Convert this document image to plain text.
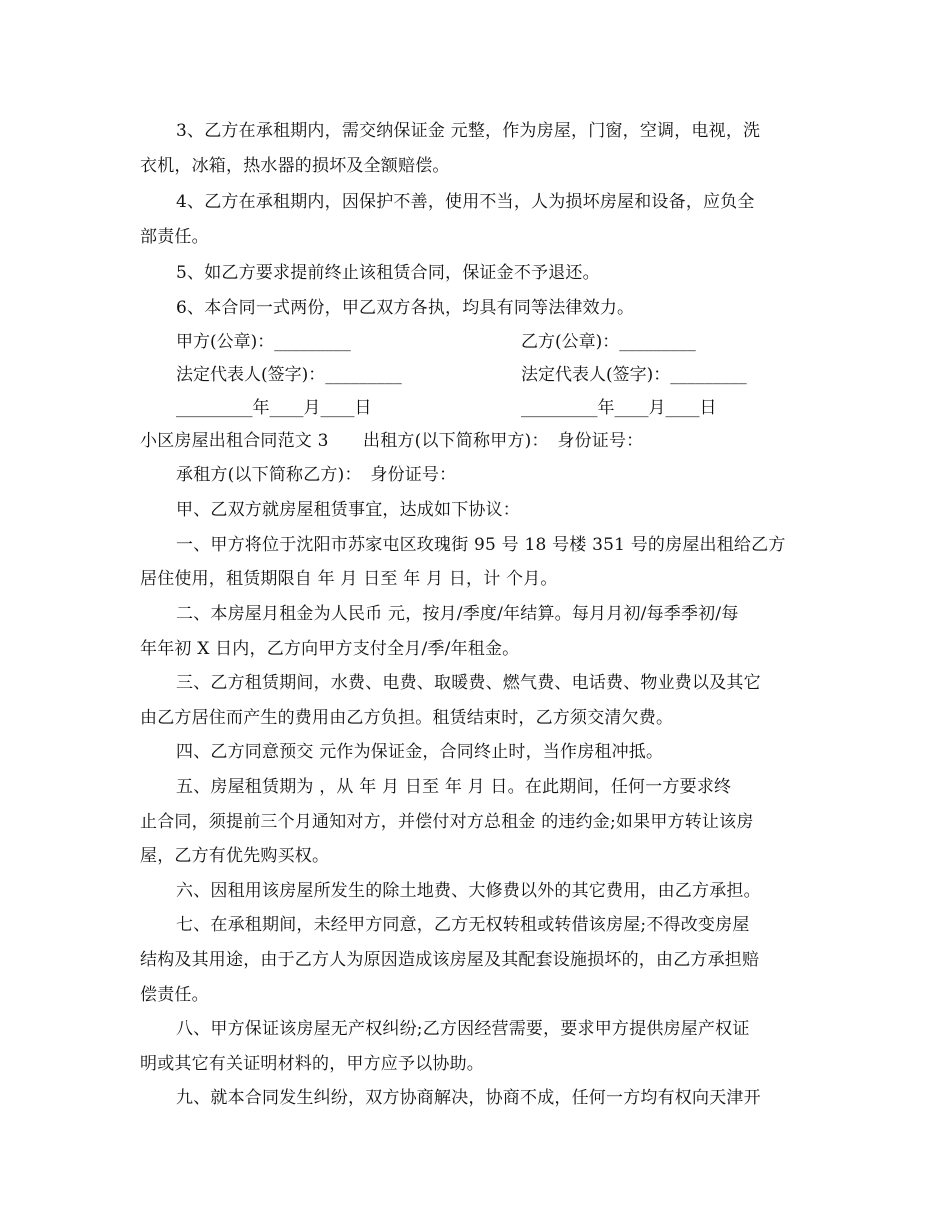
3、乙方在承租期内，需交纳保证金 元整，作为房屋，门窗，空调，电视，洗
衣机，冰箱，热水器的损坏及全额赔偿。
4、乙方在承租期内，因保护不善，使用不当，人为损坏房屋和设备，应负全
部责任。
5、如乙方要求提前终止该租赁合同，保证金不予退还。
6、本合同一式两份，甲乙双方各执，均具有同等法律效力。
甲方(公章)：_________	乙方(公章)：_________
法定代表人(签字)：_________	法定代表人(签字)：_________
_________年____月____日	_________年____月____日
小区房屋出租合同范文 3　　出租方(以下简称甲方)：　身份证号：
承租方(以下简称乙方)：　身份证号：
甲、乙双方就房屋租赁事宜，达成如下协议：
一、甲方将位于沈阳市苏家屯区玫瑰街 95 号 18 号楼 351 号的房屋出租给乙方
居住使用，租赁期限自 年 月 日至 年 月 日，计 个月。
二、本房屋月租金为人民币 元，按月/季度/年结算。每月月初/每季季初/每
年年初 X 日内，乙方向甲方支付全月/季/年租金。
三、乙方租赁期间，水费、电费、取暖费、燃气费、电话费、物业费以及其它
由乙方居住而产生的费用由乙方负担。租赁结束时，乙方须交清欠费。
四、乙方同意预交 元作为保证金，合同终止时，当作房租冲抵。
五、房屋租赁期为 ，从 年 月 日至 年 月 日。在此期间，任何一方要求终
止合同，须提前三个月通知对方，并偿付对方总租金 的违约金;如果甲方转让该房
屋，乙方有优先购买权。
六、因租用该房屋所发生的除土地费、大修费以外的其它费用，由乙方承担。
七、在承租期间，未经甲方同意，乙方无权转租或转借该房屋;不得改变房屋
结构及其用途，由于乙方人为原因造成该房屋及其配套设施损坏的，由乙方承担赔
偿责任。
八、甲方保证该房屋无产权纠纷;乙方因经营需要，要求甲方提供房屋产权证
明或其它有关证明材料的，甲方应予以协助。
九、就本合同发生纠纷，双方协商解决，协商不成，任何一方均有权向天津开
